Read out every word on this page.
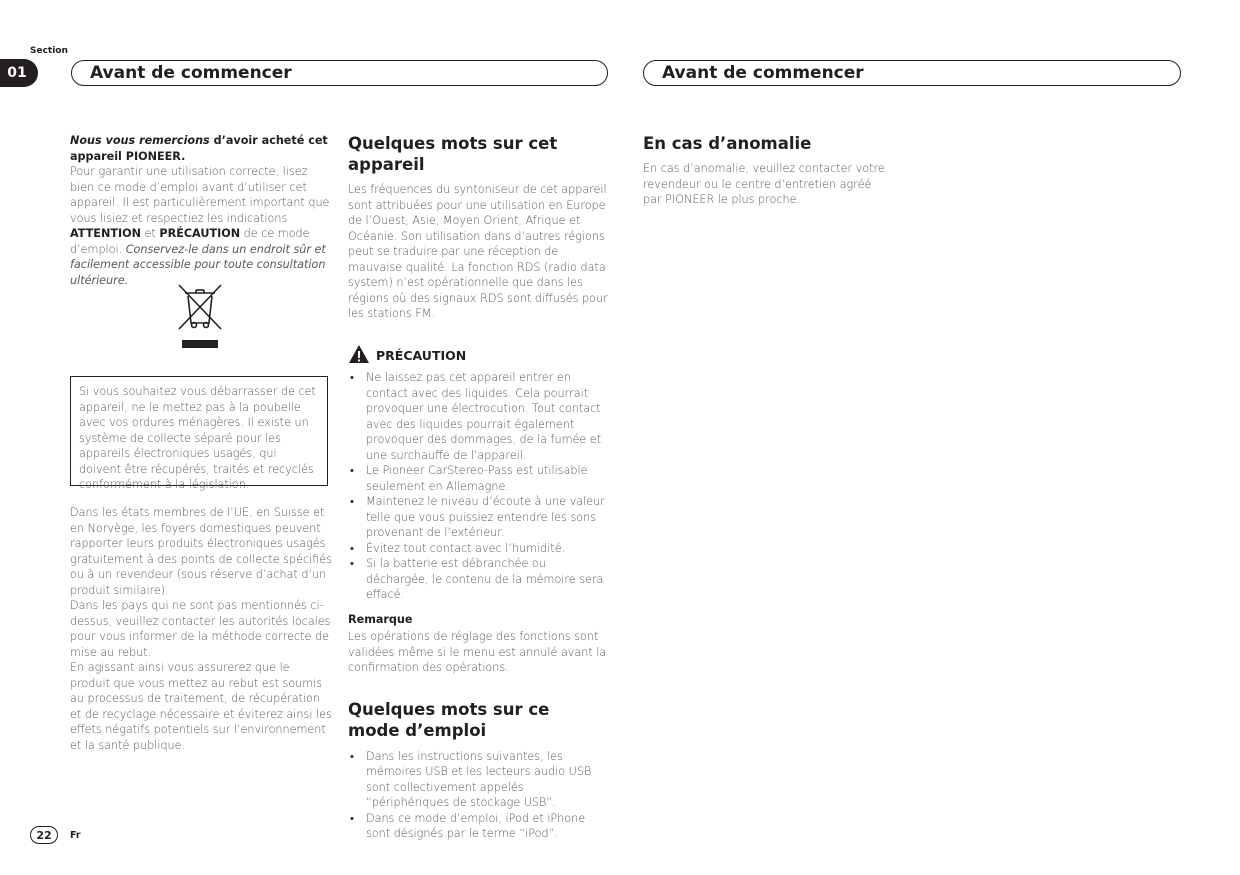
Section
01	Avant de commencer	Avant de commencer

Nous vous remercions d’avoir acheté cet appareil PIONEER.

Pour garantir une utilisation correcte, lisez bien ce mode d’emploi avant d’utiliser cet appareil. Il est particulièrement important que vous lisiez et respectiez les indications ATTENTION et PRÉCAUTION de ce mode d’emploi. Conservez-le dans un endroit sûr et facilement accessible pour toute consultation ultérieure.

Si vous souhaitez vous débarrasser de cet appareil, ne le mettez pas à la poubelle avec vos ordures ménagères. Il existe un système de collecte séparé pour les appareils électroniques usagés, qui doivent être récupérés, traités et recyclés conformément à la législation.

Dans les états membres de l’UE, en Suisse et en Norvège, les foyers domestiques peuvent rapporter leurs produits électroniques usagés gratuitement à des points de collecte spécifiés ou à un revendeur (sous réserve d’achat d’un produit similaire).

Dans les pays qui ne sont pas mentionnés ci-dessus, veuillez contacter les autorités locales pour vous informer de la méthode correcte de mise au rebut.

En agissant ainsi vous assurerez que le produit que vous mettez au rebut est soumis au processus de traitement, de récupération et de recyclage nécessaire et éviterez ainsi les effets négatifs potentiels sur l’environnement et la santé publique.

Quelques mots sur cet appareil

Les fréquences du syntoniseur de cet appareil sont attribuées pour une utilisation en Europe de l’Ouest, Asie, Moyen Orient, Afrique et Océanie. Son utilisation dans d’autres régions peut se traduire par une réception de mauvaise qualité. La fonction RDS (radio data system) n’est opérationnelle que dans les régions où des signaux RDS sont diffusés pour les stations FM.

PRÉCAUTION
• Ne laissez pas cet appareil entrer en contact avec des liquides. Cela pourrait provoquer une électrocution. Tout contact avec des liquides pourrait également provoquer des dommages, de la fumée et une surchauffe de l’appareil.
• Le Pioneer CarStereo-Pass est utilisable seulement en Allemagne.
• Maintenez le niveau d’écoute à une valeur telle que vous puissiez entendre les sons provenant de l’extérieur.
• Évitez tout contact avec l’humidité.
• Si la batterie est débranchée ou déchargée, le contenu de la mémoire sera effacé.

Remarque

Les opérations de réglage des fonctions sont validées même si le menu est annulé avant la confirmation des opérations.

Quelques mots sur ce mode d’emploi

• Dans les instructions suivantes, les mémoires USB et les lecteurs audio USB sont collectivement appelés “périphériques de stockage USB”.
• Dans ce mode d’emploi, iPod et iPhone sont désignés par le terme “iPod”.

En cas d’anomalie

En cas d’anomalie, veuillez contacter votre revendeur ou le centre d’entretien agréé par PIONEER le plus proche.

22	Fr
